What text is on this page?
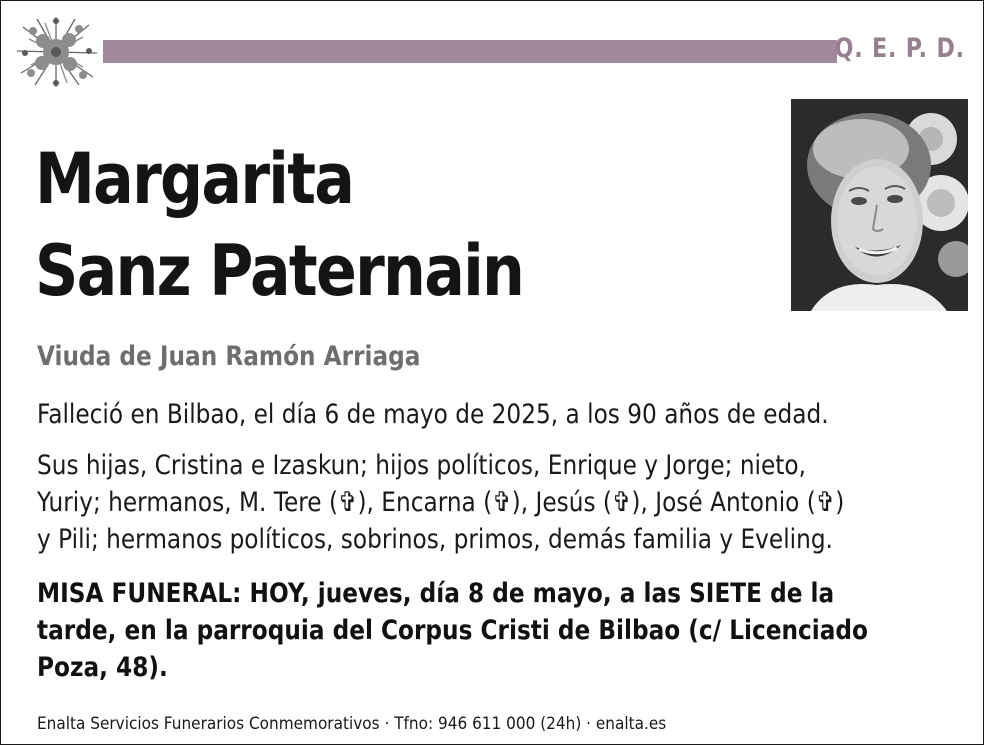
Q. E. P. D.
Margarita
Sanz Paternain
Viuda de Juan Ramón Arriaga
Falleció en Bilbao, el día 6 de mayo de 2025, a los 90 años de edad.
Sus hijas, Cristina e Izaskun; hijos políticos, Enrique y Jorge; nieto,
Yuriy; hermanos, M. Tere (✞), Encarna (✞), Jesús (✞), José Antonio (✞)
y Pili; hermanos políticos, sobrinos, primos, demás familia y Eveling.
MISA FUNERAL: HOY, jueves, día 8 de mayo, a las SIETE de la
tarde, en la parroquia del Corpus Cristi de Bilbao (c/ Licenciado
Poza, 48).
Enalta Servicios Funerarios Conmemorativos · Tfno: 946 611 000 (24h) · enalta.es
